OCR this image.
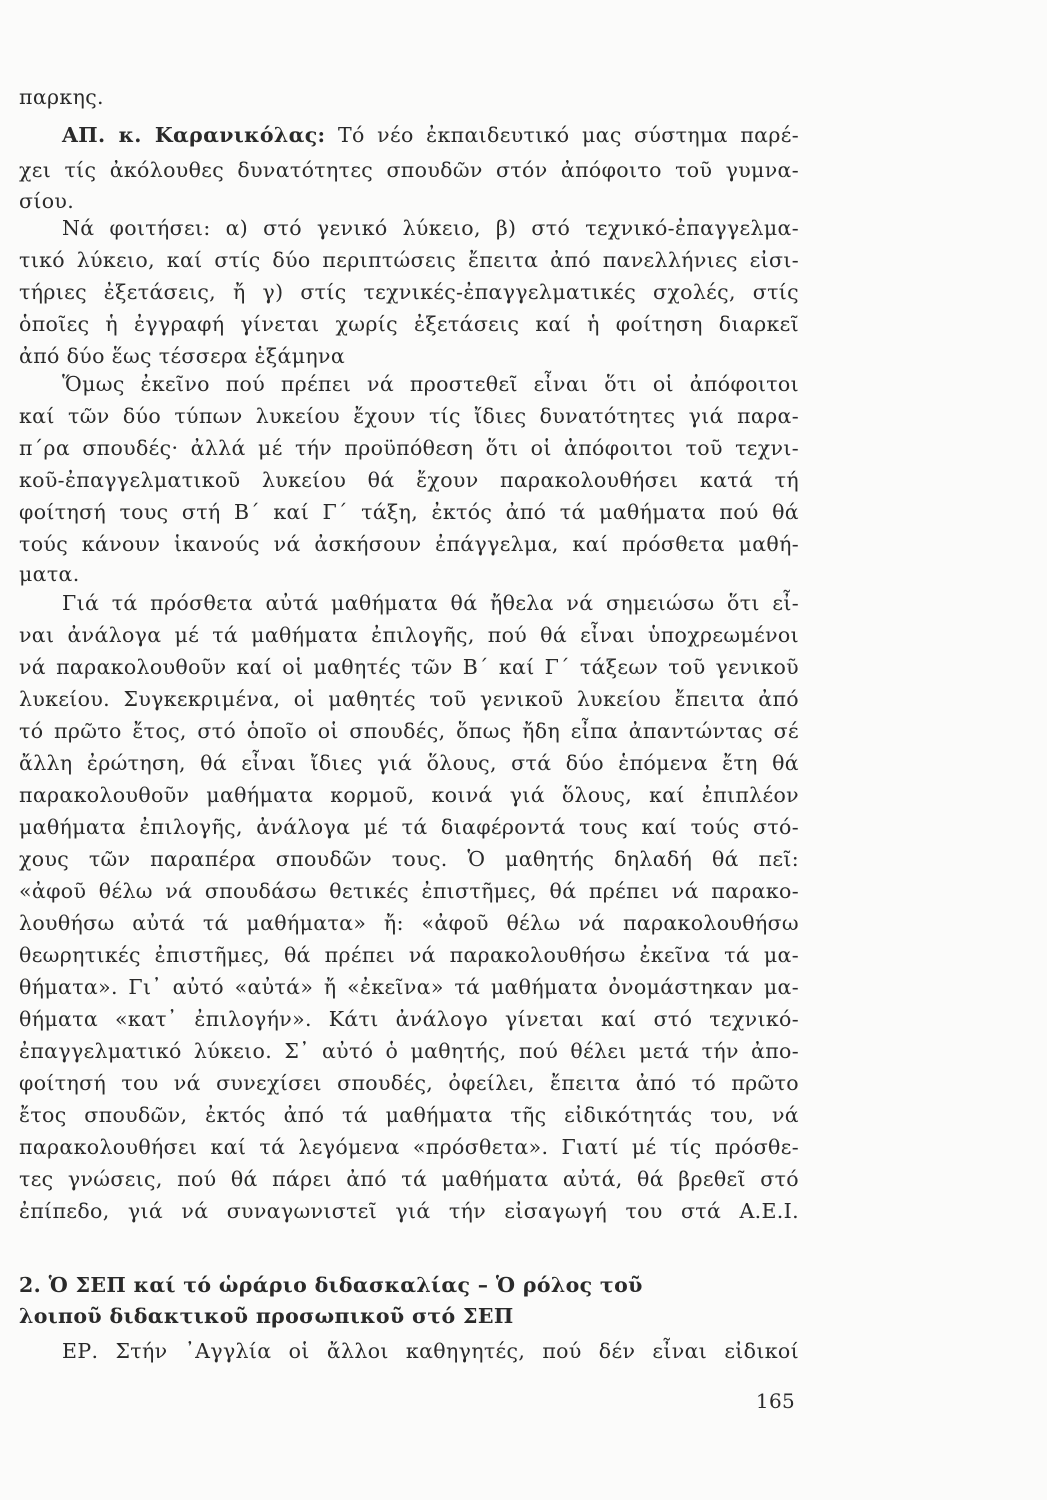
παρκης.
ΑΠ. κ. Καρανικόλας: Τό νέο ἐκπαιδευτικό μας σύστημα παρέ-
χει τίς ἀκόλουθες δυνατότητες σπουδῶν στόν ἀπόφοιτο τοῦ γυμνα-
σίου.
Νά φοιτήσει: α) στό γενικό λύκειο, β) στό τεχνικό-ἐπαγγελμα-
τικό λύκειο, καί στίς δύο περιπτώσεις ἔπειτα ἀπό πανελλήνιες εἰσι-
τήριες ἐξετάσεις, ἤ γ) στίς τεχνικές-ἐπαγγελματικές σχολές, στίς
ὁποῖες ἡ ἐγγραφή γίνεται χωρίς ἐξετάσεις καί ἡ φοίτηση διαρκεῖ
ἀπό δύο ἕως τέσσερα ἑξάμηνα
Ὅμως ἐκεῖνο πού πρέπει νά προστεθεῖ εἶναι ὅτι οἱ ἀπόφοιτοι
καί τῶν δύο τύπων λυκείου ἔχουν τίς ἴδιες δυνατότητες γιά παρα-
π΄ρα σπουδές· ἀλλά μέ τήν προϋπόθεση ὅτι οἱ ἀπόφοιτοι τοῦ τεχνι-
κοῦ-ἐπαγγελματικοῦ λυκείου θά ἔχουν παρακολουθήσει κατά τή
φοίτησή τους στή Β΄ καί Γ΄ τάξη, ἐκτός ἀπό τά μαθήματα πού θά
τούς κάνουν ἱκανούς νά ἀσκήσουν ἐπάγγελμα, καί πρόσθετα μαθή-
ματα.
Γιά τά πρόσθετα αὐτά μαθήματα θά ἤθελα νά σημειώσω ὅτι εἶ-
ναι ἀνάλογα μέ τά μαθήματα ἐπιλογῆς, πού θά εἶναι ὑποχρεωμένοι
νά παρακολουθοῦν καί οἱ μαθητές τῶν Β΄ καί Γ΄ τάξεων τοῦ γενικοῦ
λυκείου. Συγκεκριμένα, οἱ μαθητές τοῦ γενικοῦ λυκείου ἔπειτα ἀπό
τό πρῶτο ἔτος, στό ὁποῖο οἱ σπουδές, ὅπως ἤδη εἶπα ἀπαντώντας σέ
ἄλλη ἐρώτηση, θά εἶναι ἴδιες γιά ὅλους, στά δύο ἑπόμενα ἔτη θά
παρακολουθοῦν μαθήματα κορμοῦ, κοινά γιά ὅλους, καί ἐπιπλέον
μαθήματα ἐπιλογῆς, ἀνάλογα μέ τά διαφέροντά τους καί τούς στό-
χους τῶν παραπέρα σπουδῶν τους. Ὁ μαθητής δηλαδή θά πεῖ:
«ἀφοῦ θέλω νά σπουδάσω θετικές ἐπιστῆμες, θά πρέπει νά παρακο-
λουθήσω αὐτά τά μαθήματα» ἤ: «ἀφοῦ θέλω νά παρακολουθήσω
θεωρητικές ἐπιστῆμες, θά πρέπει νά παρακολουθήσω ἐκεῖνα τά μα-
θήματα». Γι᾽ αὐτό «αὐτά» ἤ «ἐκεῖνα» τά μαθήματα ὀνομάστηκαν μα-
θήματα «κατ᾽ ἐπιλογήν». Κάτι ἀνάλογο γίνεται καί στό τεχνικό-
ἐπαγγελματικό λύκειο. Σ᾽ αὐτό ὁ μαθητής, πού θέλει μετά τήν ἀπο-
φοίτησή του νά συνεχίσει σπουδές, ὀφείλει, ἔπειτα ἀπό τό πρῶτο
ἔτος σπουδῶν, ἐκτός ἀπό τά μαθήματα τῆς εἰδικότητάς του, νά
παρακολουθήσει καί τά λεγόμενα «πρόσθετα». Γιατί μέ τίς πρόσθε-
τες γνώσεις, πού θά πάρει ἀπό τά μαθήματα αὐτά, θά βρεθεῖ στό
ἐπίπεδο, γιά νά συναγωνιστεῖ γιά τήν εἰσαγωγή του στά Α.Ε.Ι.
2. Ὁ ΣΕΠ καί τό ὡράριο διδασκαλίας – Ὁ ρόλος τοῦ
λοιποῦ διδακτικοῦ προσωπικοῦ στό ΣΕΠ
ΕΡ. Στήν ᾿Αγγλία οἱ ἄλλοι καθηγητές, πού δέν εἶναι εἰδικοί
165
